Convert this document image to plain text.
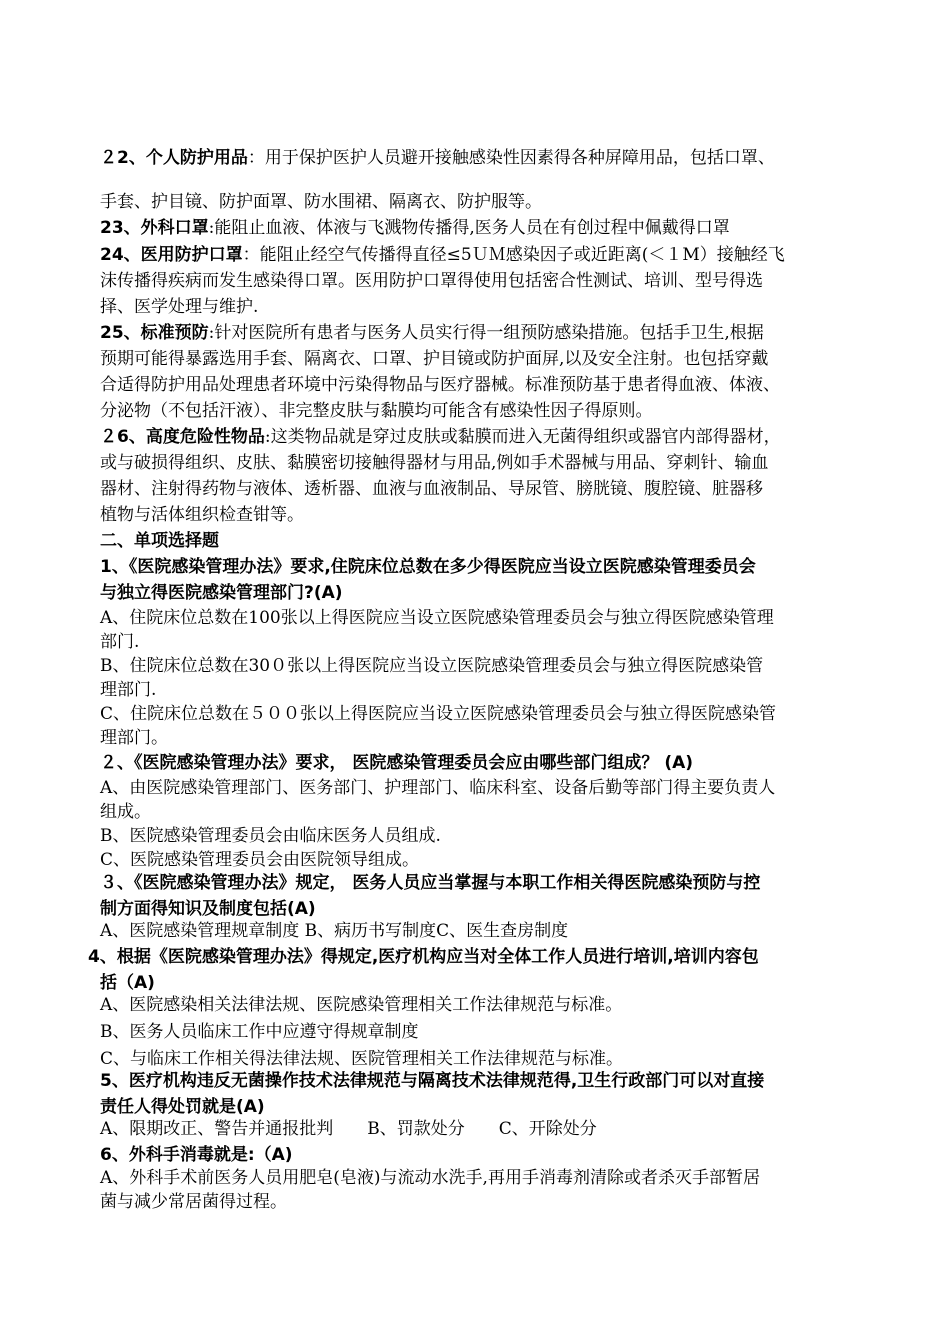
２2、个人防护用品：用于保护医护人员避开接触感染性因素得各种屏障用品，包括口罩、
手套、护目镜、防护面罩、防水围裙、隔离衣、防护服等。

23、外科口罩:能阻止血液、体液与飞溅物传播得,医务人员在有创过程中佩戴得口罩

24、医用防护口罩：能阻止经空气传播得直径≤5ＵＭ感染因子或近距离(＜１M）接触经飞
沫传播得疾病而发生感染得口罩。医用防护口罩得使用包括密合性测试、培训、型号得选
择、医学处理与维护.

25、标准预防:针对医院所有患者与医务人员实行得一组预防感染措施。包括手卫生,根据
预期可能得暴露选用手套、隔离衣、口罩、护目镜或防护面屏,以及安全注射。也包括穿戴
合适得防护用品处理患者环境中污染得物品与医疗器械。标准预防基于患者得血液、体液、
分泌物（不包括汗液）、非完整皮肤与黏膜均可能含有感染性因子得原则。

２6、高度危险性物品:这类物品就是穿过皮肤或黏膜而进入无菌得组织或器官内部得器材，
或与破损得组织、皮肤、黏膜密切接触得器材与用品,例如手术器械与用品、穿刺针、输血
器材、注射得药物与液体、透析器、血液与血液制品、导尿管、膀胱镜、腹腔镜、脏器移
植物与活体组织检查钳等。

二、单项选择题

1、《医院感染管理办法》要求,住院床位总数在多少得医院应当设立医院感染管理委员会
与独立得医院感染管理部门?(A)
A、住院床位总数在100张以上得医院应当设立医院感染管理委员会与独立得医院感染管理
部门.
B、住院床位总数在30０张以上得医院应当设立医院感染管理委员会与独立得医院感染管
理部门.
C、住院床位总数在５００张以上得医院应当设立医院感染管理委员会与独立得医院感染管
理部门。
２、《医院感染管理办法》要求， 医院感染管理委员会应由哪些部门组成？ (A)
A、由医院感染管理部门、医务部门、护理部门、临床科室、设备后勤等部门得主要负责人
组成。
B、医院感染管理委员会由临床医务人员组成.
C、医院感染管理委员会由医院领导组成。
３、《医院感染管理办法》规定， 医务人员应当掌握与本职工作相关得医院感染预防与控
制方面得知识及制度包括(A)
A、医院感染管理规章制度 B、病历书写制度C、医生查房制度
4、根据《医院感染管理办法》得规定,医疗机构应当对全体工作人员进行培训,培训内容包
括（A)
A、医院感染相关法律法规、医院感染管理相关工作法律规范与标准。
B、医务人员临床工作中应遵守得规章制度
C、与临床工作相关得法律法规、医院管理相关工作法律规范与标准。
5、医疗机构违反无菌操作技术法律规范与隔离技术法律规范得,卫生行政部门可以对直接
责任人得处罚就是(A)
A、限期改正、警告并通报批判　　B、罚款处分　　C、开除处分
6、外科手消毒就是:（A)
A、外科手术前医务人员用肥皂(皂液)与流动水洗手,再用手消毒剂清除或者杀灭手部暂居
菌与减少常居菌得过程。
